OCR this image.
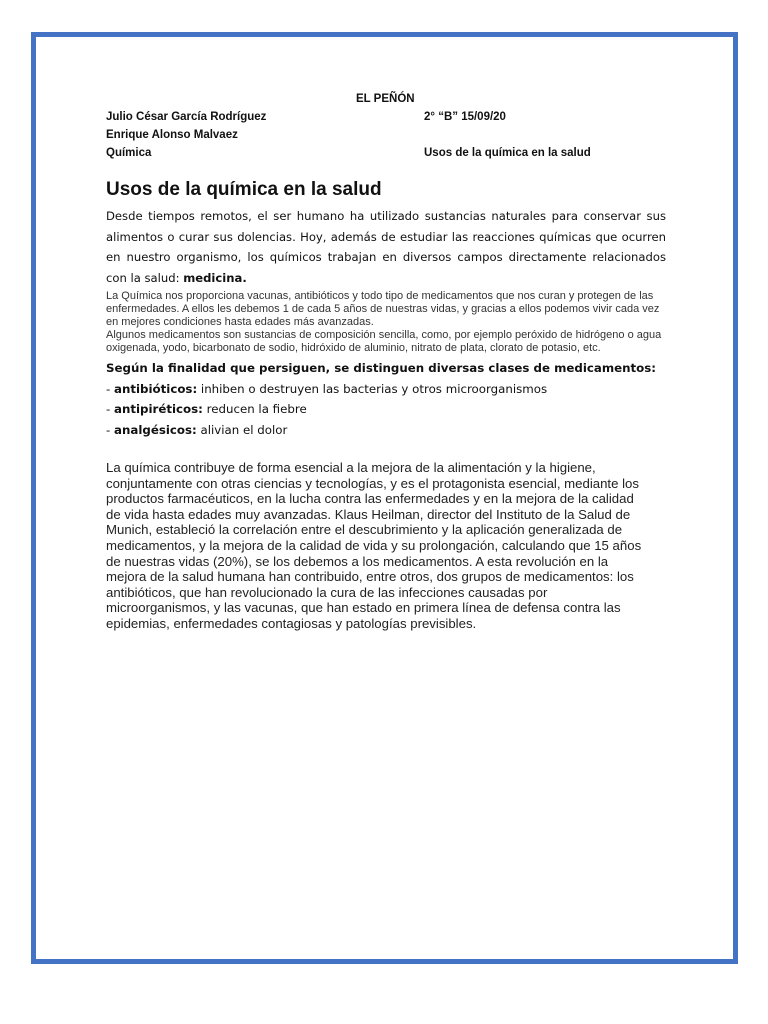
EL PEÑÓN
Julio César García Rodríguez	2° “B” 15/09/20
Enrique Alonso Malvaez
Química	Usos de la química en la salud
Usos de la química en la salud
Desde tiempos remotos, el ser humano ha utilizado sustancias naturales para conservar sus alimentos o curar sus dolencias. Hoy, además de estudiar las reacciones químicas que ocurren en nuestro organismo, los químicos trabajan en diversos campos directamente relacionados con la salud: medicina.

La Química nos proporciona vacunas, antibióticos y todo tipo de medicamentos que nos curan y protegen de las enfermedades. A ellos les debemos 1 de cada 5 años de nuestras vidas, y gracias a ellos podemos vivir cada vez en mejores condiciones hasta edades más avanzadas.

Algunos medicamentos son sustancias de composición sencilla, como, por ejemplo peróxido de hidrógeno o agua oxigenada, yodo, bicarbonato de sodio, hidróxido de aluminio, nitrato de plata, clorato de potasio, etc.

Según la finalidad que persiguen, se distinguen diversas clases de medicamentos:

- antibióticos: inhiben o destruyen las bacterias y otros microorganismos

- antipiréticos: reducen la fiebre

- analgésicos: alivian el dolor

La química contribuye de forma esencial a la mejora de la alimentación y la higiene, conjuntamente con otras ciencias y tecnologías, y es el protagonista esencial, mediante los productos farmacéuticos, en la lucha contra las enfermedades y en la mejora de la calidad de vida hasta edades muy avanzadas. Klaus Heilman, director del Instituto de la Salud de Munich, estableció la correlación entre el descubrimiento y la aplicación generalizada de medicamentos, y la mejora de la calidad de vida y su prolongación, calculando que 15 años de nuestras vidas (20%), se los debemos a los medicamentos. A esta revolución en la mejora de la salud humana han contribuido, entre otros, dos grupos de medicamentos: los antibióticos, que han revolucionado la cura de las infecciones causadas por microorganismos, y las vacunas, que han estado en primera línea de defensa contra las epidemias, enfermedades contagiosas y patologías previsibles.
